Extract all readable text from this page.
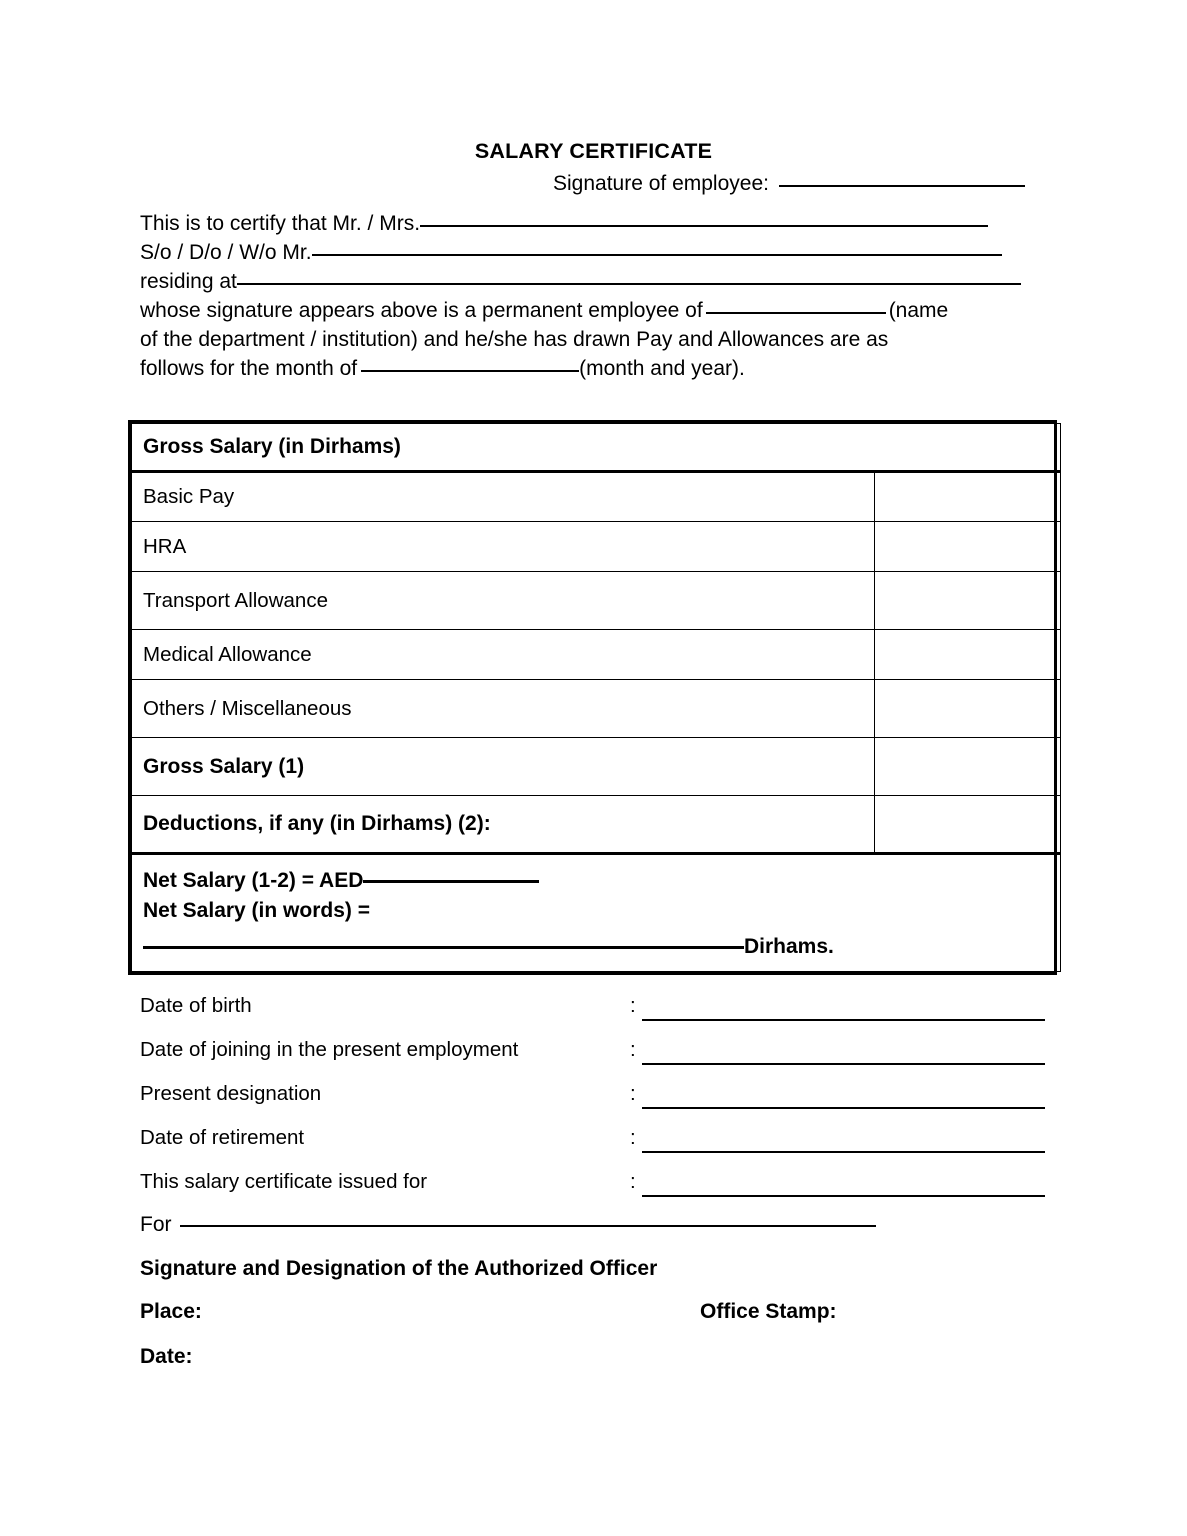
SALARY CERTIFICATE
Signature of employee:
This is to certify that Mr. / Mrs.
S/o / D/o / W/o Mr.
residing at
whose signature appears above is a permanent employee of	(name
of the department / institution) and he/she has drawn Pay and Allowances are as
follows for the month of	(month and year).
Gross Salary (in Dirhams)	
Basic Pay	
HRA	
Transport Allowance	
Medical Allowance	
Others / Miscellaneous	
Gross Salary (1)	
Deductions, if any (in Dirhams) (2):	

Net Salary (1-2) = AED
Net Salary (in words) =
Dirhams.	
Date of birth	:
Date of joining in the present employment	:
Present designation	:
Date of retirement	:
This salary certificate issued for	:
For
Signature and Designation of the Authorized Officer
Place:	Office Stamp:
Date:
